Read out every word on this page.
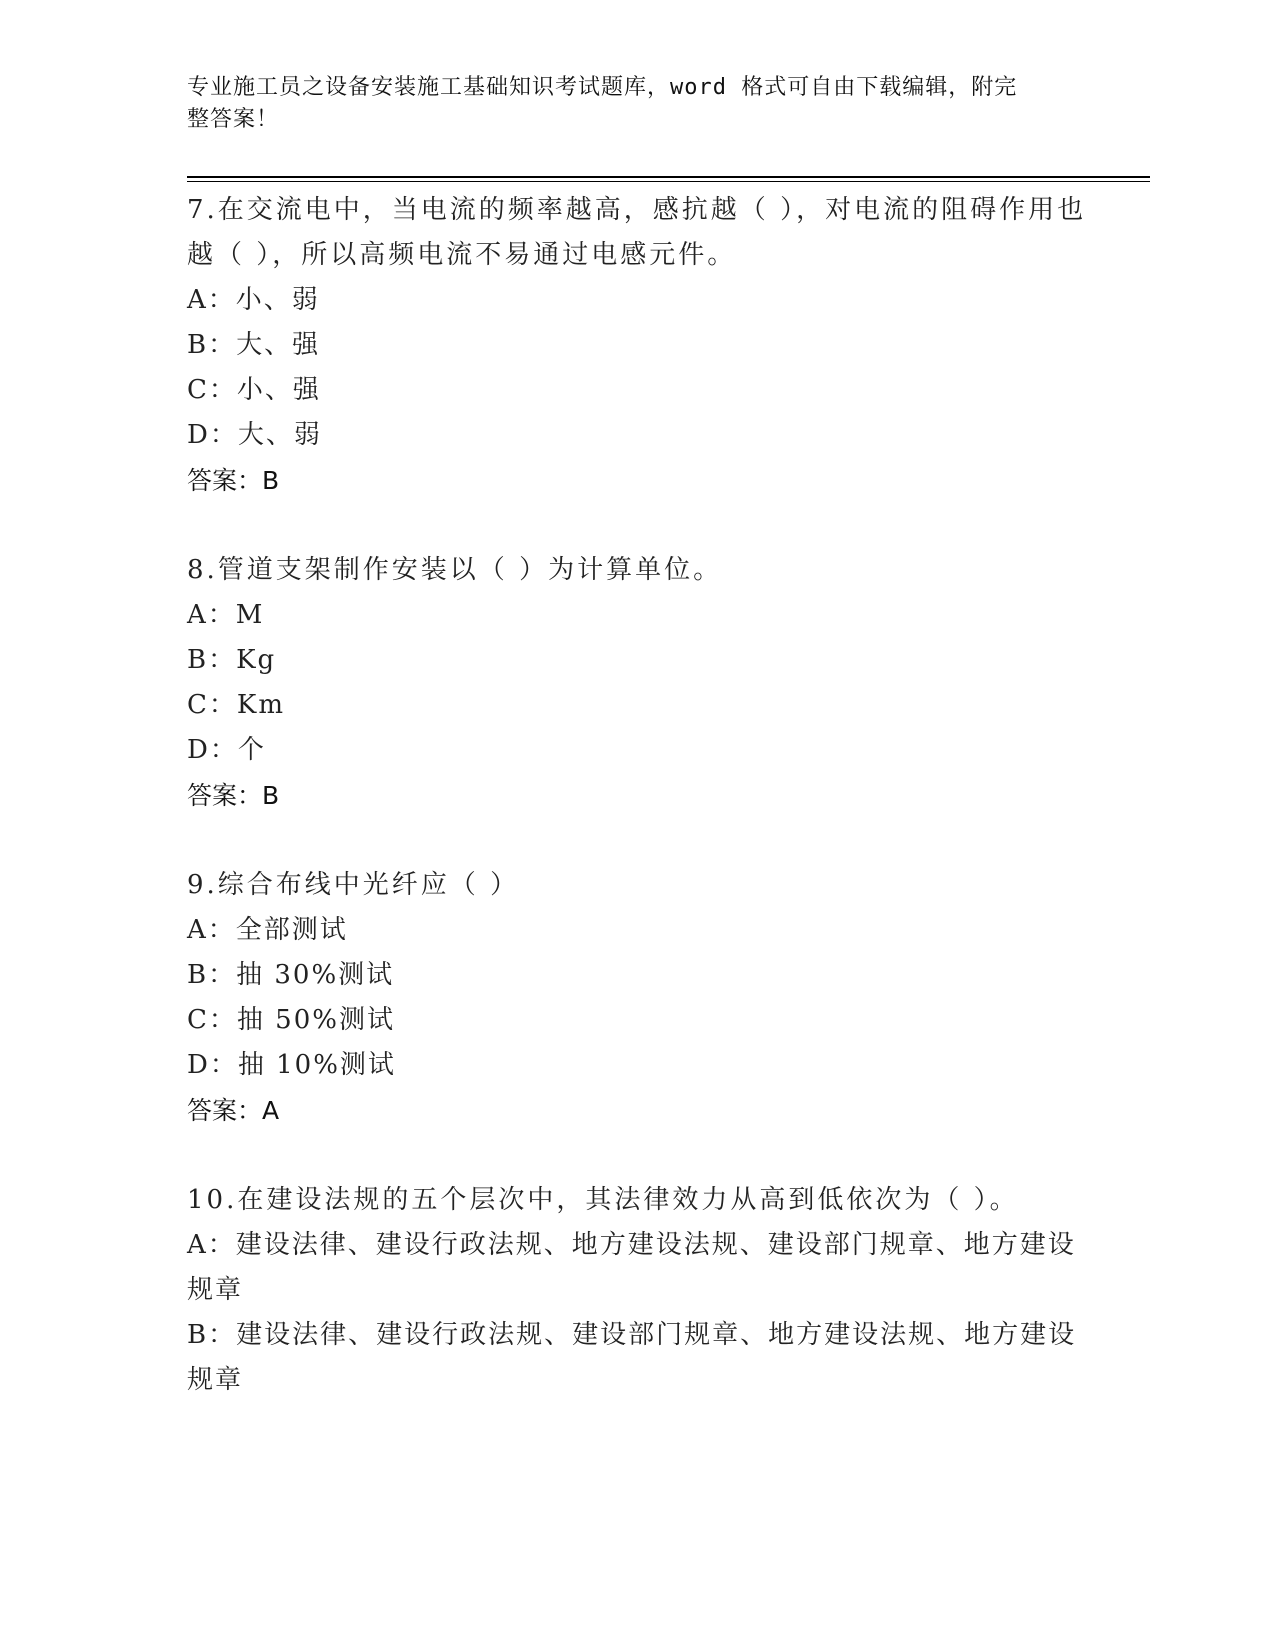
专业施工员之设备安装施工基础知识考试题库，word 格式可自由下载编辑，附完
整答案！
7.在交流电中，当电流的频率越高，感抗越（ ），对电流的阻碍作用也越（ ），所以高频电流不易通过电感元件。
A：小、弱
B：大、强
C：小、强
D：大、弱
答案：B
8.管道支架制作安装以（ ）为计算单位。
A：M
B：Kg
C：Km
D：个
答案：B
9.综合布线中光纤应（ ）
A：全部测试
B：抽 30%测试
C：抽 50%测试
D：抽 10%测试
答案：A
10.在建设法规的五个层次中，其法律效力从高到低依次为（ ）。
A：建设法律、建设行政法规、地方建设法规、建设部门规章、地方建设规章
B：建设法律、建设行政法规、建设部门规章、地方建设法规、地方建设规章
